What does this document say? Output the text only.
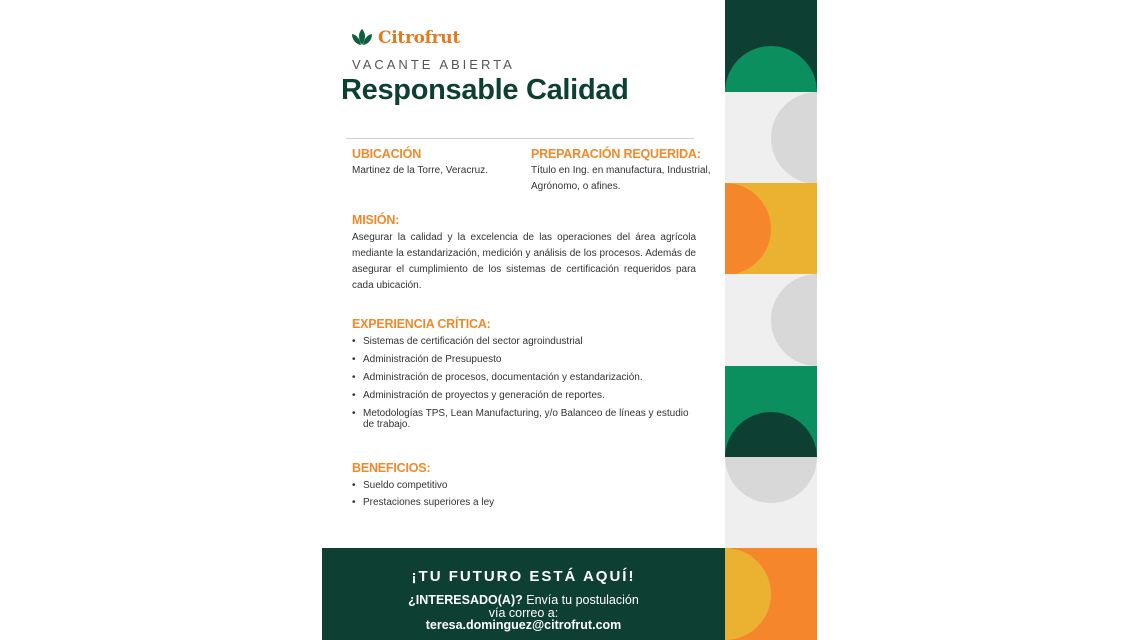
Citrofrut
VACANTE ABIERTA
Responsable Calidad
UBICACIÓN
Martinez de la Torre, Veracruz.
PREPARACIÓN REQUERIDA:
Título en Ing. en manufactura, Industrial,
Agrónomo, o afines.
MISIÓN:
Asegurar la calidad y la excelencia de las operaciones del área agrícola mediante la estandarización, medición y análisis de los procesos. Además de asegurar el cumplimiento de los sistemas de certificación requeridos para cada ubicación.
EXPERIENCIA CRÍTICA:
• Sistemas de certificación del sector agroindustrial
• Administración de Presupuesto
• Administración de procesos, documentación y estandarización.
• Administración de proyectos y generación de reportes.
• Metodologías TPS, Lean Manufacturing, y/o Balanceo de líneas y estudio de trabajo.
BENEFICIOS:
• Sueldo competitivo
• Prestaciones superiores a ley
¡TU FUTURO ESTÁ AQUÍ!
¿INTERESADO(A)? Envía tu postulación
vía correo a:
teresa.dominguez@citrofrut.com
